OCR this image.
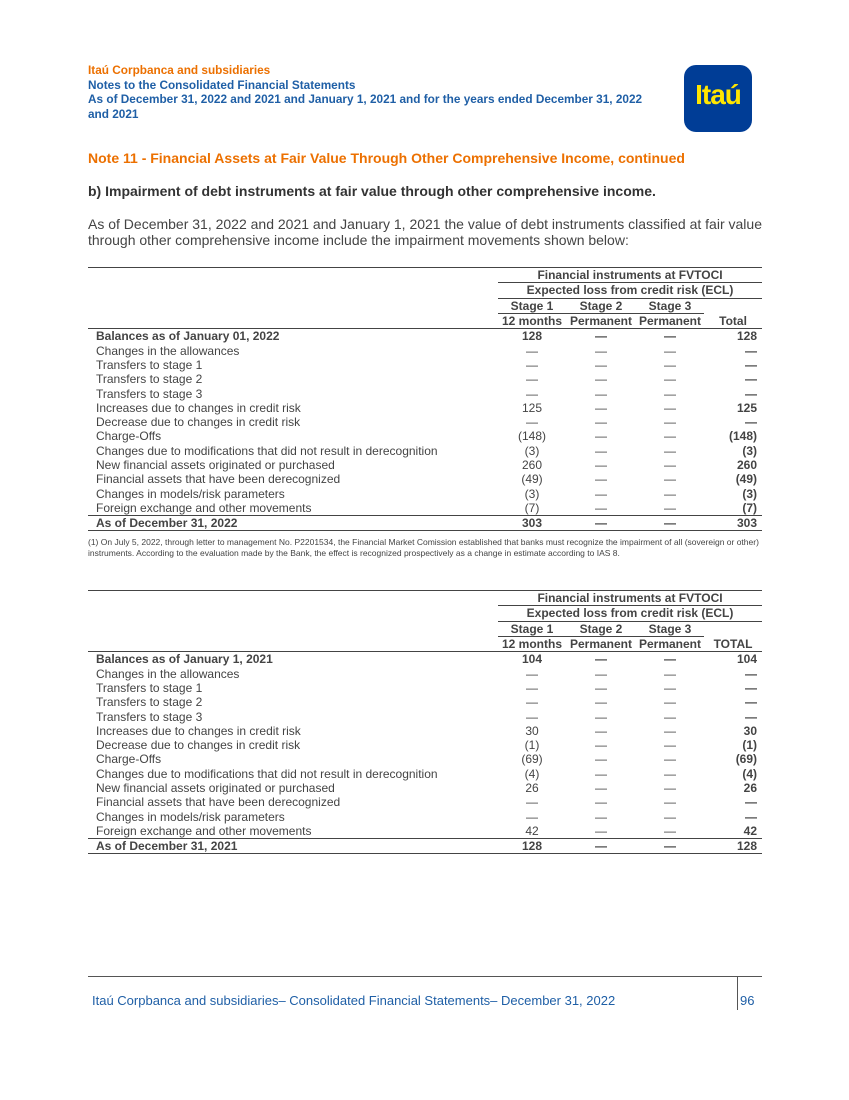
Itaú Corpbanca and subsidiaries
Notes to the Consolidated Financial Statements
As of December 31, 2022 and 2021 and January 1, 2021 and for the years ended December 31, 2022
and 2021
Itaú
Note 11 - Financial Assets at Fair Value Through Other Comprehensive Income, continued
b) Impairment of debt instruments at fair value through other comprehensive income.
As of December 31, 2022 and 2021 and January 1, 2021 the value of debt instruments classified at fair value through other comprehensive income include the impairment movements shown below:
	Financial instruments at FVTOCI			
	Expected loss from credit risk (ECL)			
	Stage 1	Stage 2	Stage 3	
	12 months	Permanent	Permanent	Total
Balances as of January 01, 2022	128	—	—	128
Changes in the allowances	—	—	—	—
Transfers to stage 1	—	—	—	—
Transfers to stage 2	—	—	—	—
Transfers to stage 3	—	—	—	—
Increases due to changes in credit risk	125	—	—	125
Decrease due to changes in credit risk	—	—	—	—
Charge-Offs	(148)	—	—	(148)
Changes due to modifications that did not result in derecognition	(3)	—	—	(3)
New financial assets originated or purchased	260	—	—	260
Financial assets that have been derecognized	(49)	—	—	(49)
Changes in models/risk parameters	(3)	—	—	(3)
Foreign exchange and other movements	(7)	—	—	(7)
As of December 31, 2022	303	—	—	303
(1) On July 5, 2022, through letter to management No. P2201534, the Financial Market Comission established that banks must recognize the impairment of all (sovereign or other) instruments. According to the evaluation made by the Bank, the effect is recognized prospectively as a change in estimate according to IAS 8.
	Financial instruments at FVTOCI			
	Expected loss from credit risk (ECL)			
	Stage 1	Stage 2	Stage 3	
	12 months	Permanent	Permanent	TOTAL
Balances as of January 1, 2021	104	—	—	104
Changes in the allowances	—	—	—	—
Transfers to stage 1	—	—	—	—
Transfers to stage 2	—	—	—	—
Transfers to stage 3	—	—	—	—
Increases due to changes in credit risk	30	—	—	30
Decrease due to changes in credit risk	(1)	—	—	(1)
Charge-Offs	(69)	—	—	(69)
Changes due to modifications that did not result in derecognition	(4)	—	—	(4)
New financial assets originated or purchased	26	—	—	26
Financial assets that have been derecognized	—	—	—	—
Changes in models/risk parameters	—	—	—	—
Foreign exchange and other movements	42	—	—	42
As of December 31, 2021	128	—	—	128
Itaú Corpbanca and subsidiaries– Consolidated Financial Statements– December 31, 2022	96
